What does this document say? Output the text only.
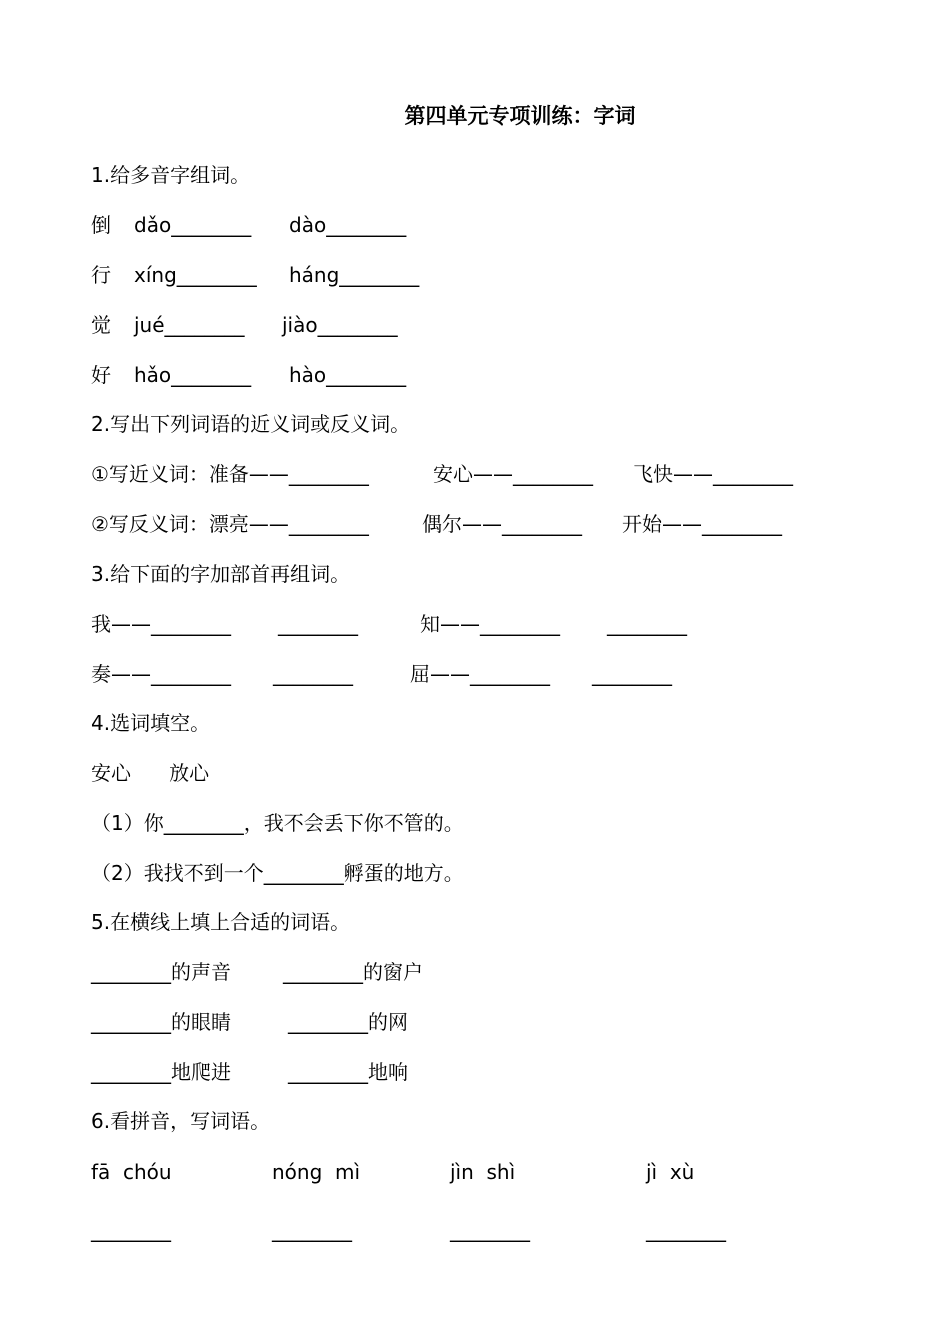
第四单元专项训练：字词
1.给多音字组词。
倒 dǎo________ dào________
行 xíng________ háng________
觉 jué________ jiào________
好 hǎo________ hào________
2.写出下列词语的近义词或反义词。
①写近义词：准备——________	安心——________ 飞快——________
②写反义词：漂亮——________	偶尔——________ 开始——________
3.给下面的字加部首再组词。
我——________ ________	知——________ ________
奏——________ ________	屈——________ ________
4.选词填空。
安心      放心
（1）你________，我不会丢下你不管的。
（2）我找不到一个________孵蛋的地方。
5.在横线上填上合适的词语。
________的声音	________的窗户
________的眼睛	________的网
________地爬进	________地响
6.看拼音，写词语。
fā  chóu	nóng  mì	jìn  shì	jì  xù
________	________	________	________
